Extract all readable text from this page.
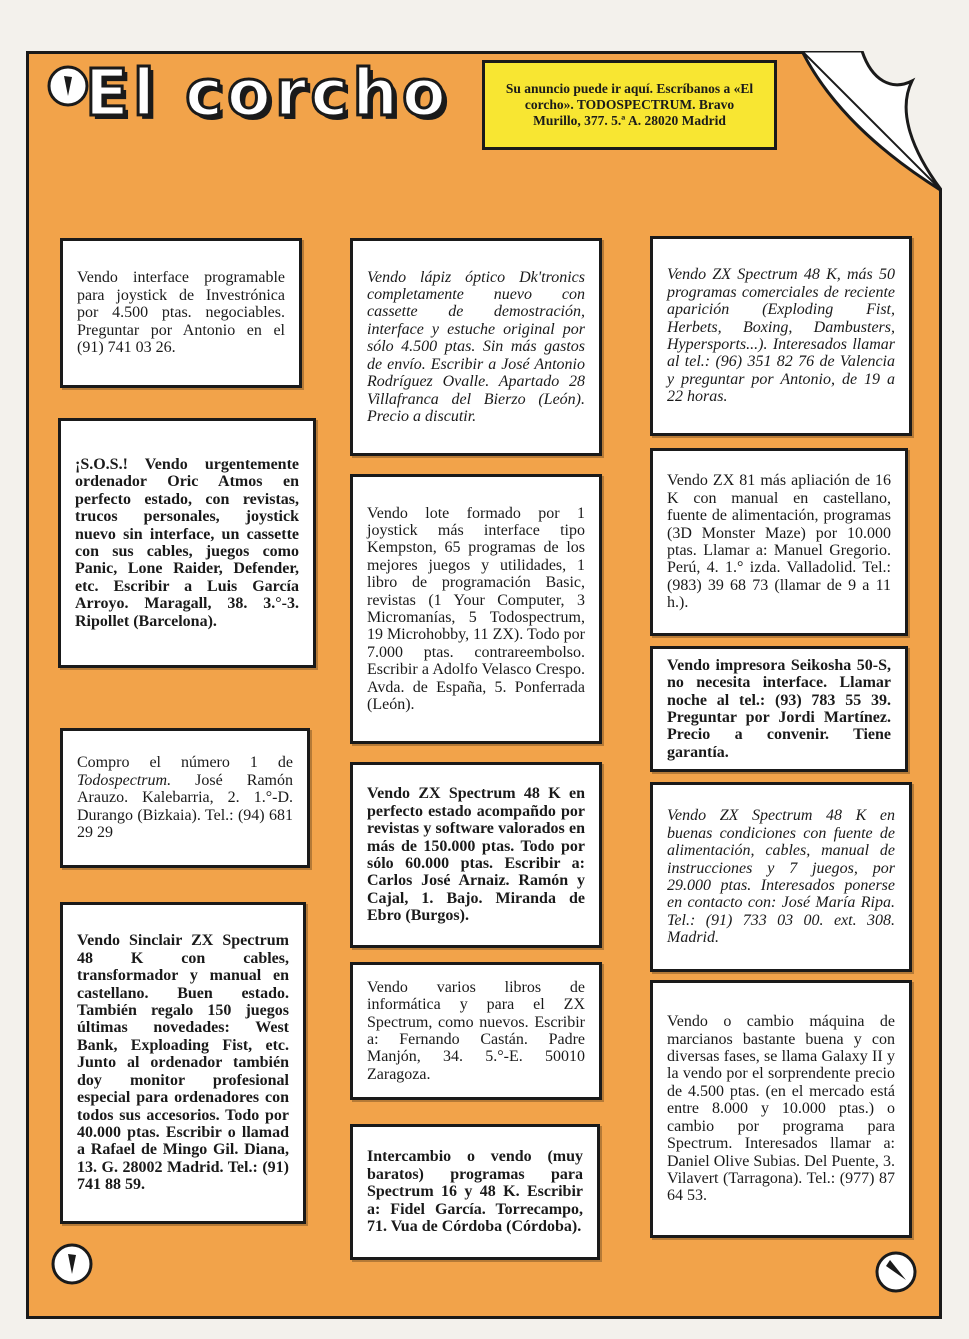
El corcho	Su anuncio puede ir aquí. Escríbanos a «El corcho». TODOSPECTRUM. Bravo Murillo, 377. 5.ª A. 28020 Madrid
Vendo interface programable para joystick de Investrónica por 4.500 ptas. negociables. Preguntar por Antonio en el (91) 741 03 26.
¡S.O.S.! Vendo urgentemente ordenador Oric Atmos en perfecto estado, con revistas, trucos personales, joystick nuevo sin interface, un cassette con sus cables, juegos como Panic, Lone Raider, Defender, etc. Escribir a Luis García Arroyo. Maragall, 38. 3.°-3. Ripollet (Barcelona).
Compro el número 1 de Todospectrum. José Ramón Arauzo. Kalebarria, 2. 1.°-D. Durango (Bizkaia). Tel.: (94) 681 29 29
Vendo Sinclair ZX Spectrum 48 K con cables, transformador y manual en castellano. Buen estado. También regalo 150 juegos últimas novedades: West Bank, Exploading Fist, etc. Junto al ordenador también doy monitor profesional especial para ordenadores con todos sus accesorios. Todo por 40.000 ptas. Escribir o llamad a Rafael de Mingo Gil. Diana, 13. G. 28002 Madrid. Tel.: (91) 741 88 59.
Vendo lápiz óptico Dk'tronics completamente nuevo con cassette de demostración, interface y estuche original por sólo 4.500 ptas. Sin más gastos de envío. Escribir a José Antonio Rodríguez Ovalle. Apartado 28 Villafranca del Bierzo (León). Precio a discutir.
Vendo lote formado por 1 joystick más interface tipo Kempston, 65 programas de los mejores juegos y utilidades, 1 libro de programación Basic, revistas (1 Your Computer, 3 Micromanías, 5 Todospectrum, 19 Microhobby, 11 ZX). Todo por 7.000 ptas. contrareembolso. Escribir a Adolfo Velasco Crespo. Avda. de España, 5. Ponferrada (León).
Vendo ZX Spectrum 48 K en perfecto estado acompañdo por revistas y software valorados en más de 150.000 ptas. Todo por sólo 60.000 ptas. Escribir a: Carlos José Arnaiz. Ramón y Cajal, 1. Bajo. Miranda de Ebro (Burgos).
Vendo varios libros de informática y para el ZX Spectrum, como nuevos. Escribir a: Fernando Castán. Padre Manjón, 34. 5.°-E. 50010 Zaragoza.
Intercambio o vendo (muy baratos) programas para Spectrum 16 y 48 K. Escribir a: Fidel García. Torrecampo, 71. Vua de Córdoba (Córdoba).
Vendo ZX Spectrum 48 K, más 50 programas comerciales de reciente aparición (Exploding Fist, Herbets, Boxing, Dambusters, Hypersports...). Interesados llamar al tel.: (96) 351 82 76 de Valencia y preguntar por Antonio, de 19 a 22 horas.
Vendo ZX 81 más apliación de 16 K con manual en castellano, fuente de alimentación, programas (3D Monster Maze) por 10.000 ptas. Llamar a: Manuel Gregorio. Perú, 4. 1.° izda. Valladolid. Tel.: (983) 39 68 73 (llamar de 9 a 11 h.).
Vendo impresora Seikosha 50-S, no necesita interface. Llamar noche al tel.: (93) 783 55 39. Preguntar por Jordi Martínez. Precio a convenir. Tiene garantía.
Vendo ZX Spectrum 48 K en buenas condiciones con fuente de alimentación, cables, manual de instrucciones y 7 juegos, por 29.000 ptas. Interesados ponerse en contacto con: José María Ripa. Tel.: (91) 733 03 00. ext. 308. Madrid.
Vendo o cambio máquina de marcianos bastante buena y con diversas fases, se llama Galaxy II y la vendo por el sorprendente precio de 4.500 ptas. (en el mercado está entre 8.000 y 10.000 ptas.) o cambio por programa para Spectrum. Interesados llamar a: Daniel Olive Subias. Del Puente, 3. Vilavert (Tarragona). Tel.: (977) 87 64 53.
